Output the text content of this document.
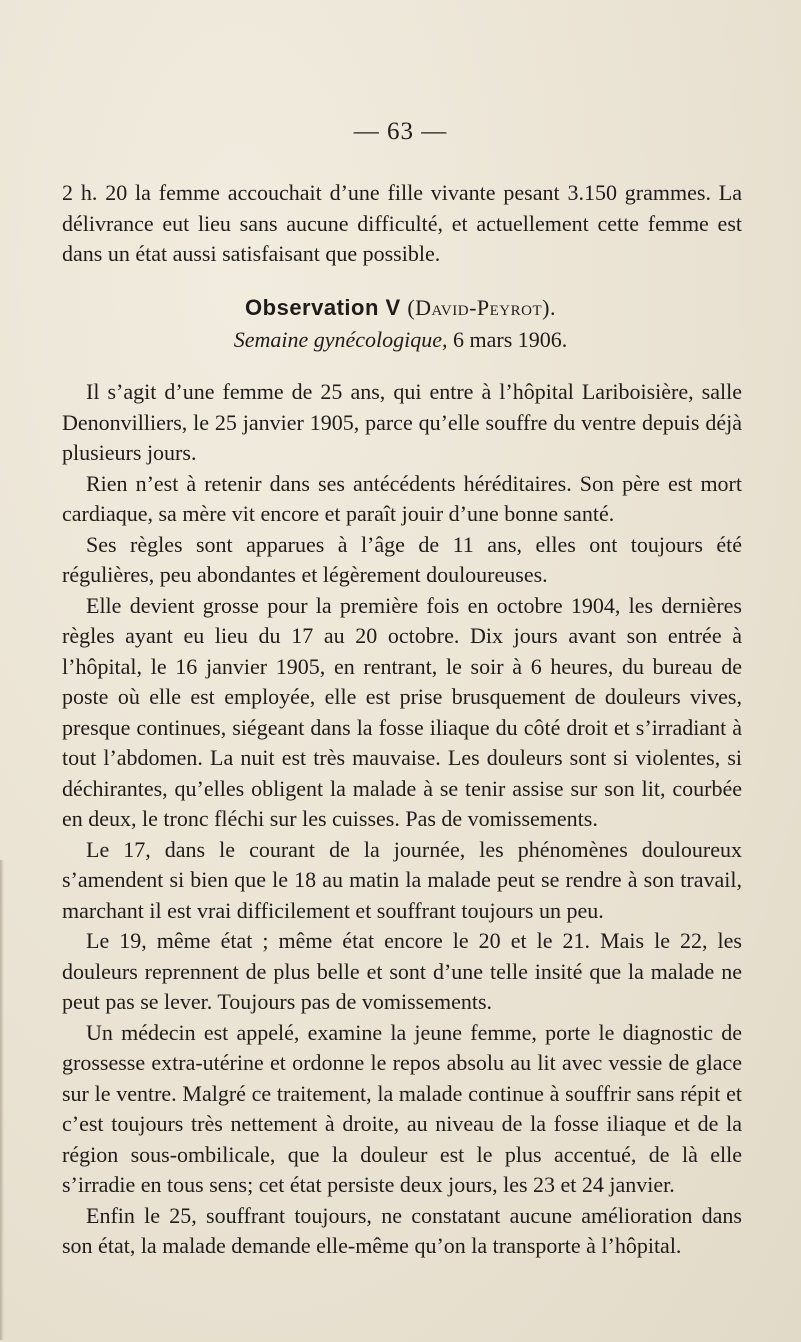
— 63 —

2 h. 20 la femme accouchait d’une fille vivante pesant 3.150 grammes. La délivrance eut lieu sans aucune difficulté, et actuellement cette femme est dans un état aussi satisfaisant que possible.

Observation V (David-Peyrot).
Semaine gynécologique, 6 mars 1906.

Il s’agit d’une femme de 25 ans, qui entre à l’hôpital Lariboisière, salle Denonvilliers, le 25 janvier 1905, parce qu’elle souffre du ventre depuis déjà plusieurs jours.

Rien n’est à retenir dans ses antécédents héréditaires. Son père est mort cardiaque, sa mère vit encore et paraît jouir d’une bonne santé.

Ses règles sont apparues à l’âge de 11 ans, elles ont toujours été régulières, peu abondantes et légèrement douloureuses.

Elle devient grosse pour la première fois en octobre 1904, les dernières règles ayant eu lieu du 17 au 20 octobre. Dix jours avant son entrée à l’hôpital, le 16 janvier 1905, en rentrant, le soir à 6 heures, du bureau de poste où elle est employée, elle est prise brusquement de douleurs vives, presque continues, siégeant dans la fosse iliaque du côté droit et s’irradiant à tout l’abdomen. La nuit est très mauvaise. Les douleurs sont si violentes, si déchirantes, qu’elles obligent la malade à se tenir assise sur son lit, courbée en deux, le tronc fléchi sur les cuisses. Pas de vomissements.

Le 17, dans le courant de la journée, les phénomènes douloureux s’amendent si bien que le 18 au matin la malade peut se rendre à son travail, marchant il est vrai difficilement et souffrant toujours un peu.

Le 19, même état ; même état encore le 20 et le 21. Mais le 22, les douleurs reprennent de plus belle et sont d’une telle insité que la malade ne peut pas se lever. Toujours pas de vomissements.

Un médecin est appelé, examine la jeune femme, porte le diagnostic de grossesse extra-utérine et ordonne le repos absolu au lit avec vessie de glace sur le ventre. Malgré ce traitement, la malade continue à souffrir sans répit et c’est toujours très nettement à droite, au niveau de la fosse iliaque et de la région sous-ombilicale, que la douleur est le plus accentué, de là elle s’irradie en tous sens; cet état persiste deux jours, les 23 et 24 janvier.

Enfin le 25, souffrant toujours, ne constatant aucune amélioration dans son état, la malade demande elle-même qu’on la transporte à l’hôpital.
